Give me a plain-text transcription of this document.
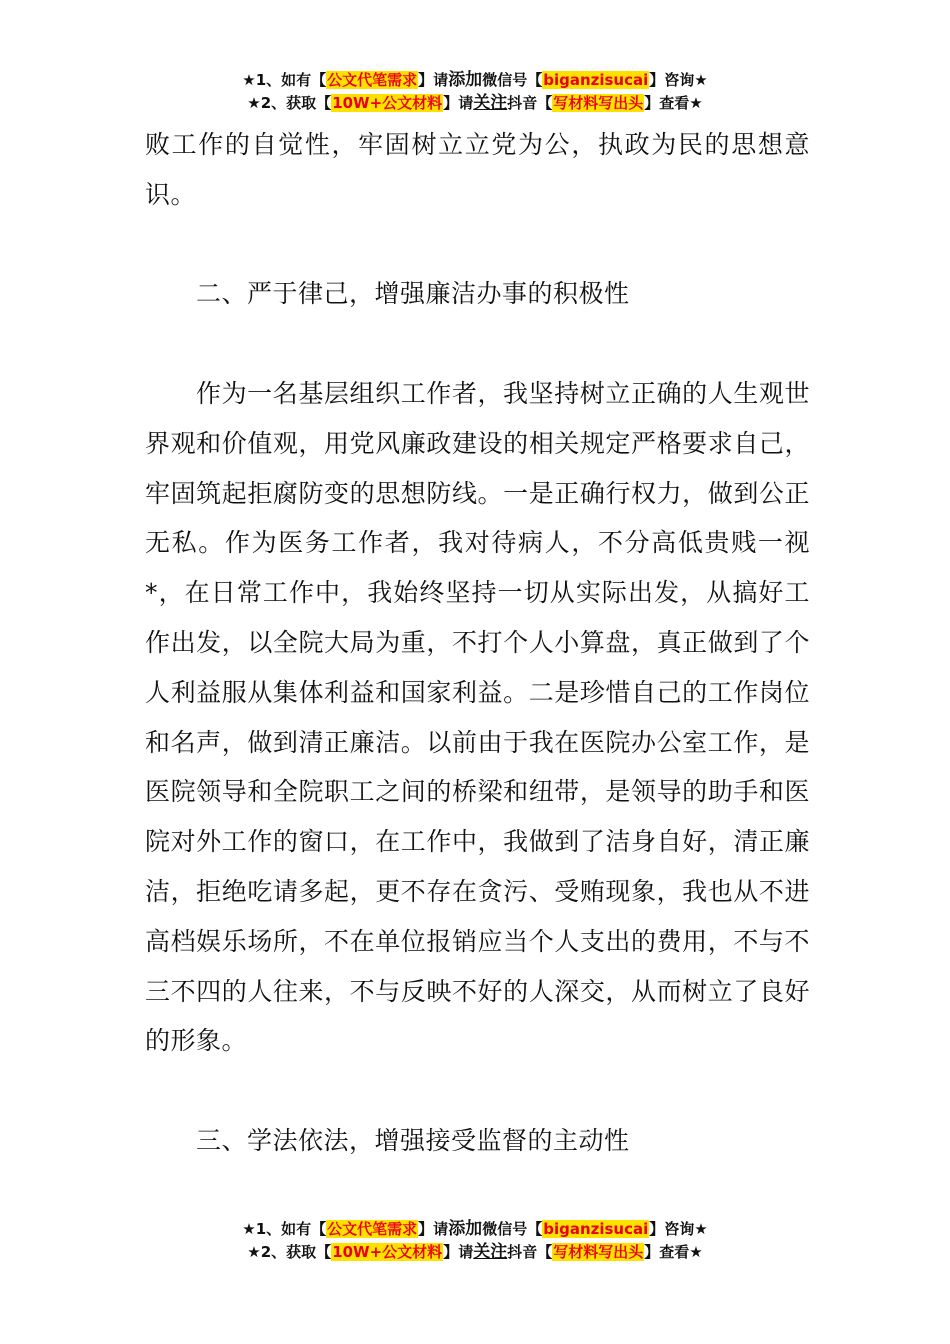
★1、如有【公文代笔需求】请添加微信号【biganzisucai】咨询★
★2、获取【10W+公文材料】请关注抖音【写材料写出头】查看★

败工作的自觉性，牢固树立立党为公，执政为民的思想意识。

二、严于律己，增强廉洁办事的积极性

作为一名基层组织工作者，我坚持树立正确的人生观世界观和价值观，用党风廉政建设的相关规定严格要求自己，牢固筑起拒腐防变的思想防线。一是正确行权力，做到公正无私。作为医务工作者，我对待病人，不分高低贵贱一视*，在日常工作中，我始终坚持一切从实际出发，从搞好工作出发，以全院大局为重，不打个人小算盘，真正做到了个人利益服从集体利益和国家利益。二是珍惜自己的工作岗位和名声，做到清正廉洁。以前由于我在医院办公室工作，是医院领导和全院职工之间的桥梁和纽带，是领导的助手和医院对外工作的窗口，在工作中，我做到了洁身自好，清正廉洁，拒绝吃请多起，更不存在贪污、受贿现象，我也从不进高档娱乐场所，不在单位报销应当个人支出的费用，不与不三不四的人往来，不与反映不好的人深交，从而树立了良好的形象。

三、学法依法，增强接受监督的主动性

★1、如有【公文代笔需求】请添加微信号【biganzisucai】咨询★
★2、获取【10W+公文材料】请关注抖音【写材料写出头】查看★
